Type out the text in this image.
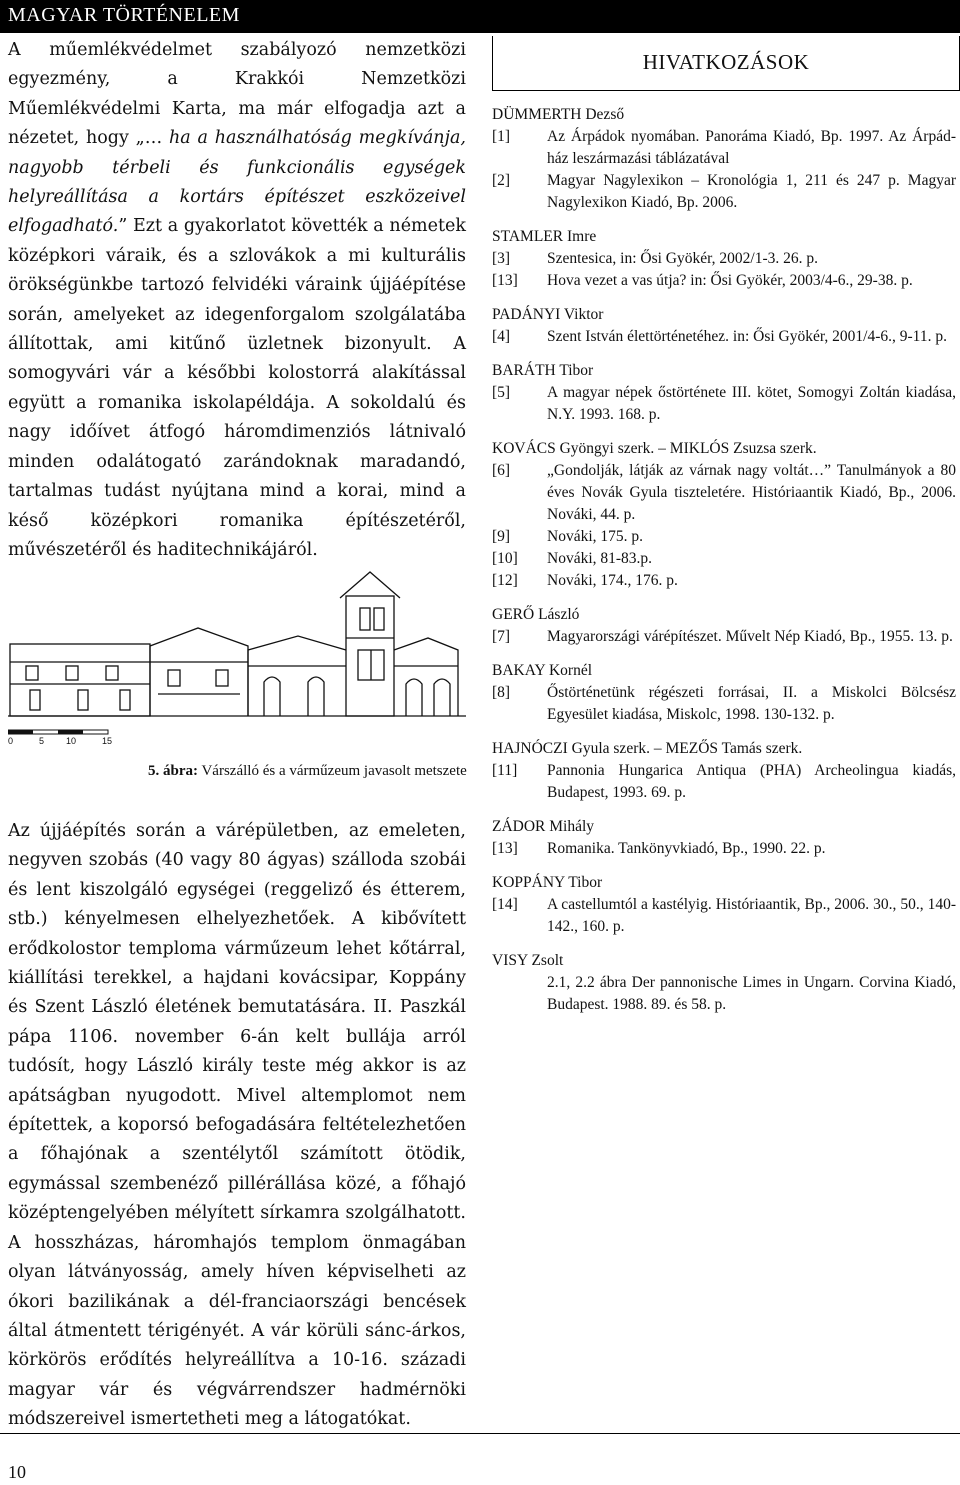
MAGYAR TÖRTÉNELEM

A műemlékvédelmet szabályozó nemzetközi egyezmény, a Krakkói Nemzetközi Műemlékvédelmi Karta, ma már elfogadja azt a nézetet, hogy „… ha a használhatóság megkívánja, nagyobb térbeli és funkcionális egységek helyreállítása a kortárs építészet eszközeivel elfogadható.” Ezt a gyakorlatot követték a németek középkori váraik, és a szlovákok a mi kulturális örökségünkbe tartozó felvidéki váraink újjáépítése során, amelyeket az idegenforgalom szolgálatába állítottak, ami kitűnő üzletnek bizonyult. A somogyvári vár a későbbi kolostorrá alakítással együtt a romanika iskolapéldája. A sokoldalú és nagy időívet átfogó háromdimenziós látnivaló minden odalátogató zarándoknak maradandó, tartalmas tudást nyújtana mind a korai, mind a késő középkori romanika építészetéről, művészetéről és haditechnikájáról.

0	5 10	15
5. ábra: Várszálló és a várműzeum javasolt metszete

Az újjáépítés során a várépületben, az emeleten, negyven szobás (40 vagy 80 ágyas) szálloda szobái és lent kiszolgáló egységei (reggeliző és étterem, stb.) kényelmesen elhelyezhetőek. A kibővített erődkolostor temploma várműzeum lehet kőtárral, kiállítási terekkel, a hajdani kovácsipar, Koppány és Szent László életének bemutatására. II. Paszkál pápa 1106. november 6-án kelt bullája arról tudósít, hogy László király teste még akkor is az apátságban nyugodott. Mivel altemplomot nem építettek, a koporsó befogadására feltételezhetően a főhajónak a szentélytől számított ötödik, egymással szembenéző pillérállása közé, a főhajó középtengelyében mélyített sírkamra szolgálhatott. A hosszházas, háromhajós templom önmagában olyan látványosság, amely híven képviselheti az ókori bazilikának a dél-franciaországi bencések által átmentett térigényét. A vár körüli sánc-árkos, körkörös erődítés helyreállítva a 10-16. századi magyar vár és végvárrendszer hadmérnöki módszereivel ismertetheti meg a látogatókat.

HIVATKOZÁSOK

DÜMMERTH Dezső

[1]	Az Árpádok nyomában. Panoráma Kiadó, Bp. 1997. Az Árpád-ház leszármazási táblázatával
[2]	Magyar Nagylexikon – Kronológia 1, 211 és 247 p. Magyar Nagylexikon Kiadó, Bp. 2006.

STAMLER Imre

[3]	Szentesica, in: Ősi Gyökér, 2002/1-3. 26. p.
[13]	Hova vezet a vas útja? in: Ősi Gyökér, 2003/4-6., 29-38. p.

PADÁNYI Viktor

[4]	Szent István élettörténetéhez. in: Ősi Gyökér, 2001/4-6., 9-11. p.

BARÁTH Tibor

[5]	A magyar népek őstörténete III. kötet, Somogyi Zoltán kiadása, N.Y. 1993. 168. p.

KOVÁCS Gyöngyi szerk. – MIKLÓS Zsuzsa szerk.

[6]	„Gondolják, látják az várnak nagy voltát…” Tanulmányok a 80 éves Novák Gyula tiszteletére. Históriaantik Kiadó, Bp., 2006. Nováki, 44. p.
[9]	Nováki, 175. p.
[10]	Nováki, 81-83.p.
[12]	Nováki, 174., 176. p.

GERŐ László

[7]	Magyarországi várépítészet. Művelt Nép Kiadó, Bp., 1955. 13. p.

BAKAY Kornél

[8]	Őstörténetünk régészeti forrásai, II. a Miskolci Bölcsész Egyesület kiadása, Miskolc, 1998. 130-132. p.

HAJNÓCZI Gyula szerk. – MEZŐS Tamás szerk.

[11]	Pannonia Hungarica Antiqua (PHA) Archeolingua kiadás, Budapest, 1993. 69. p.

ZÁDOR Mihály

[13]	Romanika. Tankönyvkiadó, Bp., 1990. 22. p.

KOPPÁNY Tibor

[14]	A castellumtól a kastélyig. Históriaantik, Bp., 2006. 30., 50., 140-142., 160. p.

VISY Zsolt

2.1, 2.2 ábra Der pannonische Limes in Ungarn. Corvina Kiadó, Budapest. 1988. 89. és 58. p.
10
